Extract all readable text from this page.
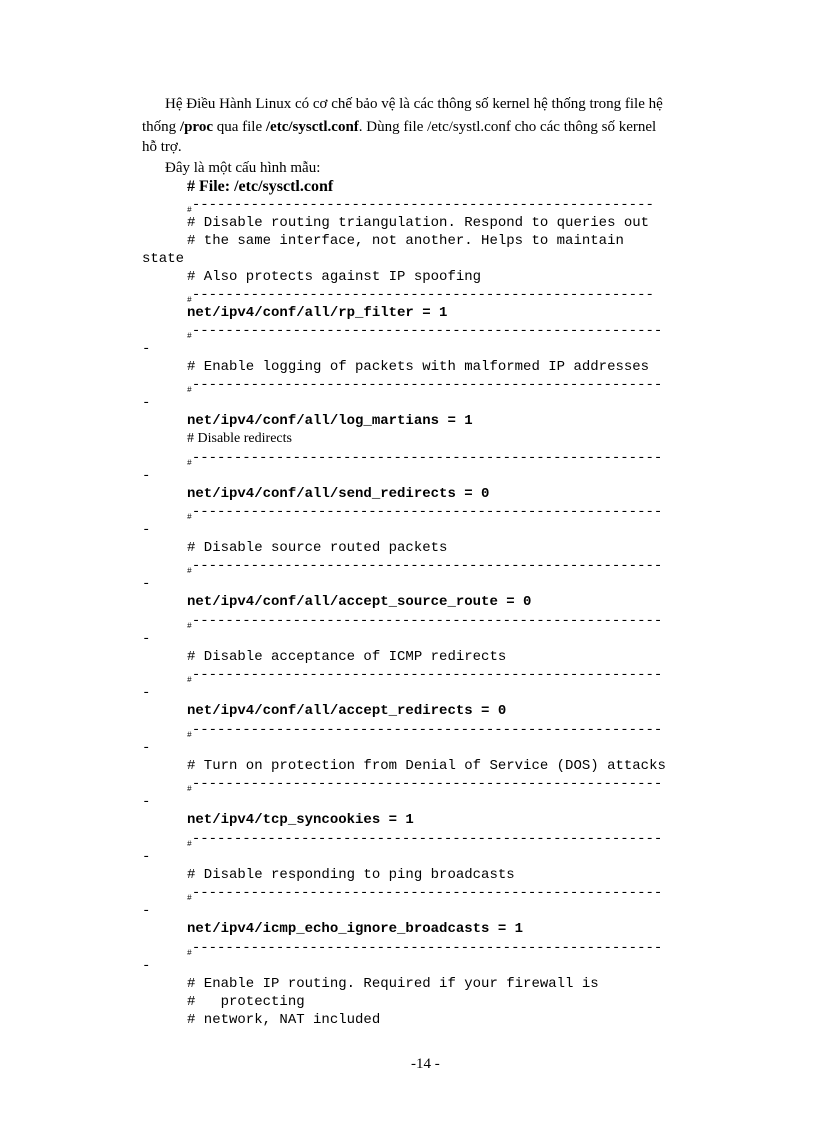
Hệ Điều Hành Linux có cơ chế bảo vệ là các thông số kernel hệ thống trong file hệ
thống /proc qua file /etc/sysctl.conf. Dùng file /etc/systl.conf cho các thông số kernel
hỗ trợ.
Đây là một cấu hình mẫu:
# File: /etc/sysctl.conf
$_{\#}$-------------------------------------------------------
# Disable routing triangulation. Respond to queries out
# the same interface, not another. Helps to maintain
state
# Also protects against IP spoofing
$_{\#}$-------------------------------------------------------
net/ipv4/conf/all/rp_filter = 1
$_{\#}$--------------------------------------------------------
-
# Enable logging of packets with malformed IP addresses
$_{\#}$--------------------------------------------------------
-
net/ipv4/conf/all/log_martians = 1
# Disable redirects
$_{\#}$--------------------------------------------------------
-
net/ipv4/conf/all/send_redirects = 0
$_{\#}$--------------------------------------------------------
-
# Disable source routed packets
$_{\#}$--------------------------------------------------------
-
net/ipv4/conf/all/accept_source_route = 0
$_{\#}$--------------------------------------------------------
-
# Disable acceptance of ICMP redirects
$_{\#}$--------------------------------------------------------
-
net/ipv4/conf/all/accept_redirects = 0
$_{\#}$--------------------------------------------------------
-
# Turn on protection from Denial of Service (DOS) attacks
$_{\#}$--------------------------------------------------------
-
net/ipv4/tcp_syncookies = 1
$_{\#}$--------------------------------------------------------
-
# Disable responding to ping broadcasts
$_{\#}$--------------------------------------------------------
-
net/ipv4/icmp_echo_ignore_broadcasts = 1
$_{\#}$--------------------------------------------------------
-
# Enable IP routing. Required if your firewall is
#   protecting
# network, NAT included
-14 -
